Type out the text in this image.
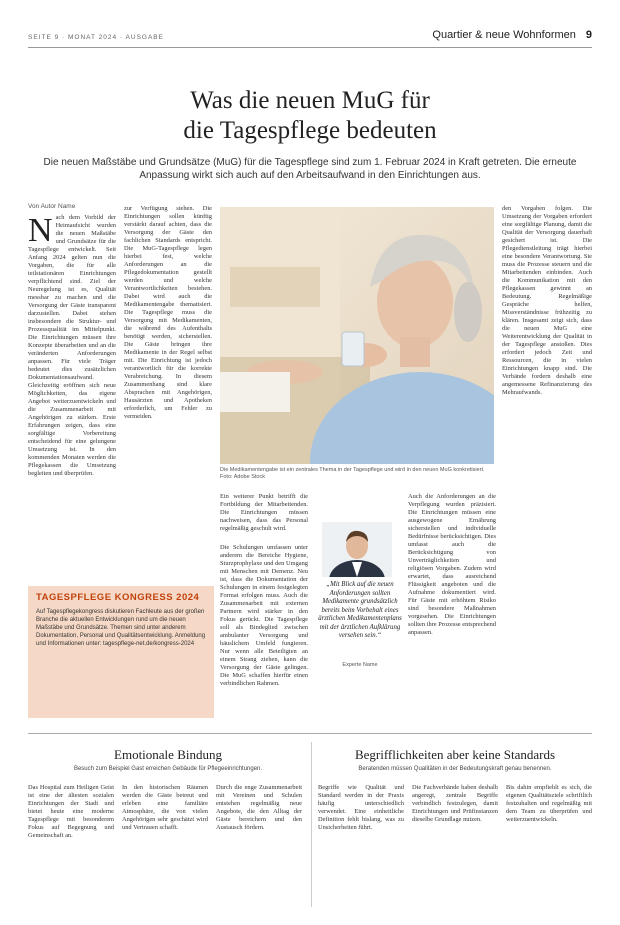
SEITE 9 · MONAT 2024 · AUSGABE	Quartier & neue Wohnformen 9
Was die neuen MuG für
die Tagespflege bedeuten
Die neuen Maßstäbe und Grundsätze (MuG) für die Tagespflege sind zum 1. Februar 2024 in Kraft getreten. Die erneute Anpassung wirkt sich auch auf den Arbeitsaufwand in den Einrichtungen aus.
Von Autor Name
Nach dem Vorbild der Heimaufsicht wurden die neuen Maßstäbe und Grundsätze für die Tagespflege entwickelt. Seit Anfang 2024 gelten nun die Vorgaben, die für alle teilstationären Einrichtungen verpflichtend sind. Ziel der Neuregelung ist es, Qualität messbar zu machen und die Versorgung der Gäste transparent darzustellen. Dabei stehen insbesondere die Struktur- und Prozessqualität im Mittelpunkt. Die Einrichtungen müssen ihre Konzepte überarbeiten und an die veränderten Anforderungen anpassen. Für viele Träger bedeutet dies zusätzlichen Dokumentationsaufwand. Gleichzeitig eröffnen sich neue Möglichkeiten, das eigene Angebot weiterzuentwickeln und die Zusammenarbeit mit Angehörigen zu stärken. Erste Erfahrungen zeigen, dass eine sorgfältige Vorbereitung entscheidend für eine gelungene Umsetzung ist. In den kommenden Monaten werden die Pflegekassen die Umsetzung begleiten und überprüfen.
zur Verfügung stehen. Die Einrichtungen sollen künftig verstärkt darauf achten, dass die Versorgung der Gäste den fachlichen Standards entspricht. Die MuG-Tagespflege legen hierbei fest, welche Anforderungen an die Pflegedokumentation gestellt werden und welche Verantwortlichkeiten bestehen. Dabei wird auch die Medikamentengabe thematisiert. Die Tagespflege muss die Versorgung mit Medikamenten, die während des Aufenthalts benötigt werden, sicherstellen. Die Gäste bringen ihre Medikamente in der Regel selbst mit. Die Einrichtung ist jedoch verantwortlich für die korrekte Verabreichung. In diesem Zusammenhang sind klare Absprachen mit Angehörigen, Hausärzten und Apotheken erforderlich, um Fehler zu vermeiden.
Die Medikamentengabe ist ein zentrales Thema in der Tagespflege und wird in den neuen MuG konkretisiert. Foto: Adobe Stock
Ein weiterer Punkt betrifft die Fortbildung der Mitarbeitenden. Die Einrichtungen müssen nachweisen, dass das Personal regelmäßig geschult wird.
Die Schulungen umfassen unter anderem die Bereiche Hygiene, Sturzprophylaxe und den Umgang mit Menschen mit Demenz. Neu ist, dass die Dokumentation der Schulungen in einem festgelegten Format erfolgen muss. Auch die Zusammenarbeit mit externen Partnern wird stärker in den Fokus gerückt. Die Tagespflege soll als Bindeglied zwischen ambulanter Versorgung und häuslichem Umfeld fungieren. Nur wenn alle Beteiligten an einem Strang ziehen, kann die Versorgung der Gäste gelingen. Die MuG schaffen hierfür einen verbindlichen Rahmen.
„Mit Blick auf die neuen Anforderungen sollten Medikamente grundsätzlich bereits beim Vorbehalt eines ärztlichen Medikamentenplans mit der ärztlichen Aufklärung versehen sein.“
Experte Name
Auch die Anforderungen an die Verpflegung wurden präzisiert. Die Einrichtungen müssen eine ausgewogene Ernährung sicherstellen und individuelle Bedürfnisse berücksichtigen. Dies umfasst auch die Berücksichtigung von Unverträglichkeiten und religiösen Vorgaben. Zudem wird erwartet, dass ausreichend Flüssigkeit angeboten und die Aufnahme dokumentiert wird. Für Gäste mit erhöhtem Risiko sind besondere Maßnahmen vorgesehen. Die Einrichtungen sollten ihre Prozesse entsprechend anpassen.
den Vorgaben folgen. Die Umsetzung der Vorgaben erfordert eine sorgfältige Planung, damit die Qualität der Versorgung dauerhaft gesichert ist. Die Pflegedienstleitung trägt hierbei eine besondere Verantwortung. Sie muss die Prozesse steuern und die Mitarbeitenden einbinden. Auch die Kommunikation mit den Pflegekassen gewinnt an Bedeutung. Regelmäßige Gespräche helfen, Missverständnisse frühzeitig zu klären. Insgesamt zeigt sich, dass die neuen MuG eine Weiterentwicklung der Qualität in der Tagespflege anstoßen. Dies erfordert jedoch Zeit und Ressourcen, die in vielen Einrichtungen knapp sind. Die Verbände fordern deshalb eine angemessene Refinanzierung des Mehraufwands.
TAGESPFLEGE KONGRESS 2024
Auf Tagespflegekongress diskutieren Fachleute aus der großen Branche die aktuellen Entwicklungen rund um die neuen Maßstäbe und Grundsätze. Themen sind unter anderem Dokumentation, Personal und Qualitätsentwicklung. Anmeldung und Informationen unter: tagespflege-net.de/kongress-2024
Emotionale Bindung
Besuch zum Beispiel Gast erreichen Gebäude für Pflegeeinrichtungen.
Das Hospital zum Heiligen Geist ist eine der ältesten sozialen Einrichtungen der Stadt und bietet heute eine moderne Tagespflege mit besonderem Fokus auf Begegnung und Gemeinschaft an.
In den historischen Räumen werden die Gäste betreut und erleben eine familiäre Atmosphäre, die von vielen Angehörigen sehr geschätzt wird und Vertrauen schafft.
Durch die enge Zusammenarbeit mit Vereinen und Schulen entstehen regelmäßig neue Angebote, die den Alltag der Gäste bereichern und den Austausch fördern.
Begrifflichkeiten aber keine Standards
Beratenden müssen Qualitäten in der Bedeutungskraft genau benennen.
Begriffe wie Qualität und Standard werden in der Praxis häufig unterschiedlich verwendet. Eine einheitliche Definition fehlt bislang, was zu Unsicherheiten führt.
Die Fachverbände haben deshalb angeregt, zentrale Begriffe verbindlich festzulegen, damit Einrichtungen und Prüfinstanzen dieselbe Grundlage nutzen.
Bis dahin empfiehlt es sich, die eigenen Qualitätsziele schriftlich festzuhalten und regelmäßig mit dem Team zu überprüfen und weiterzuentwickeln.
